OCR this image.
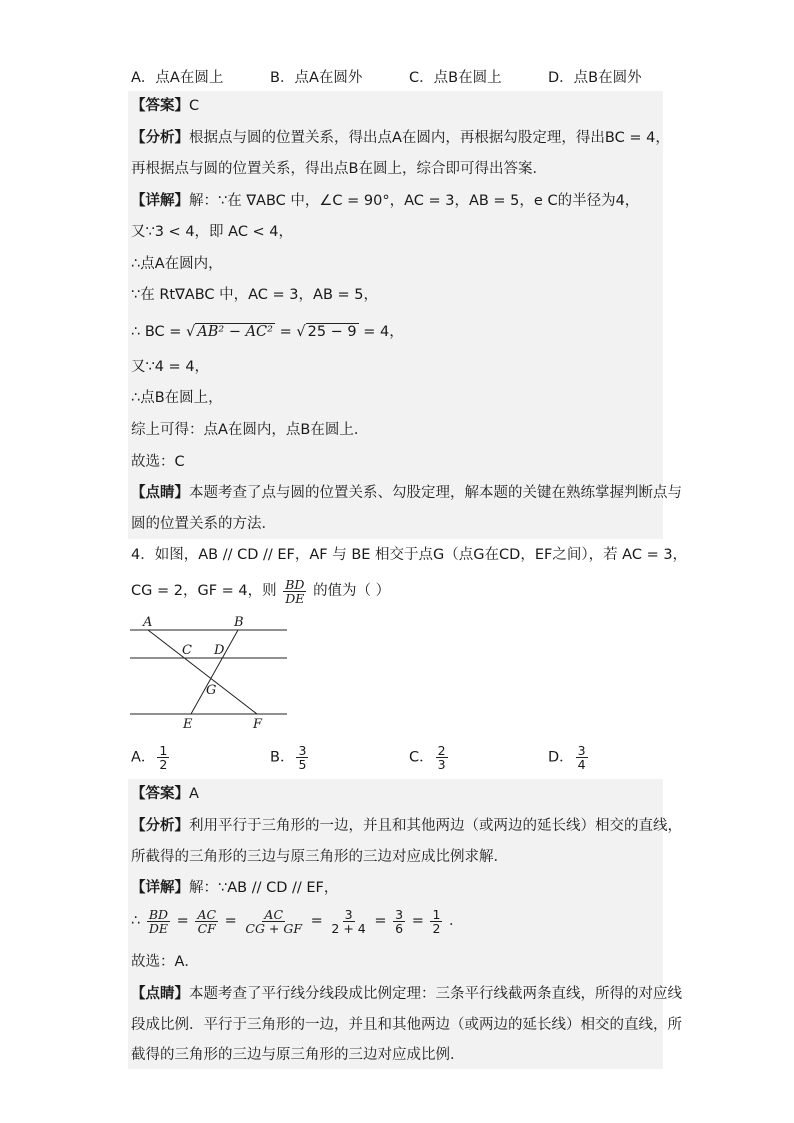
A．点A在圆上	B．点A在圆外	C．点B在圆上	D．点B在圆外
【答案】C
【分析】根据点与圆的位置关系，得出点A在圆内，再根据勾股定理，得出BC = 4，
再根据点与圆的位置关系，得出点B在圆上，综合即可得出答案．
【详解】解：∵在 ∇ABC 中，∠C = 90°，AC = 3，AB = 5，e C的半径为4，
又∵3 < 4，即 AC < 4，
∴点A在圆内，
∵在 Rt∇ABC 中，AC = 3，AB = 5，
∴ BC = √ AB² − AC² = √ 25 − 9 = 4，
又∵4 = 4，
∴点B在圆上，
综上可得：点A在圆内，点B在圆上．
故选：C
【点睛】本题考查了点与圆的位置关系、勾股定理，解本题的关键在熟练掌握判断点与
圆的位置关系的方法．
4．如图，AB // CD // EF，AF 与 BE 相交于点G（点G在CD，EF之间），若 AC = 3，
CG = 2，GF = 4，则 $\frac{BD}{DE}$ 的值为（ ）
A	B
C D
G
E	F
A． $\frac{1}{2}$	B． $\frac{3}{5}$	C． $\frac{2}{3}$	D． $\frac{3}{4}$
【答案】A
【分析】利用平行于三角形的一边，并且和其他两边（或两边的延长线）相交的直线，
所截得的三角形的三边与原三角形的三边对应成比例求解．
【详解】解：∵AB // CD // EF，
∴ $\frac{BD}{DE} = \frac{AC}{CF} = \frac{AC}{CG + GF} = \frac{3}{2 + 4} = \frac{3}{6} = \frac{1}{2}$ ．
故选：A．
【点睛】本题考查了平行线分线段成比例定理：三条平行线截两条直线，所得的对应线
段成比例．平行于三角形的一边，并且和其他两边（或两边的延长线）相交的直线，所
截得的三角形的三边与原三角形的三边对应成比例．
